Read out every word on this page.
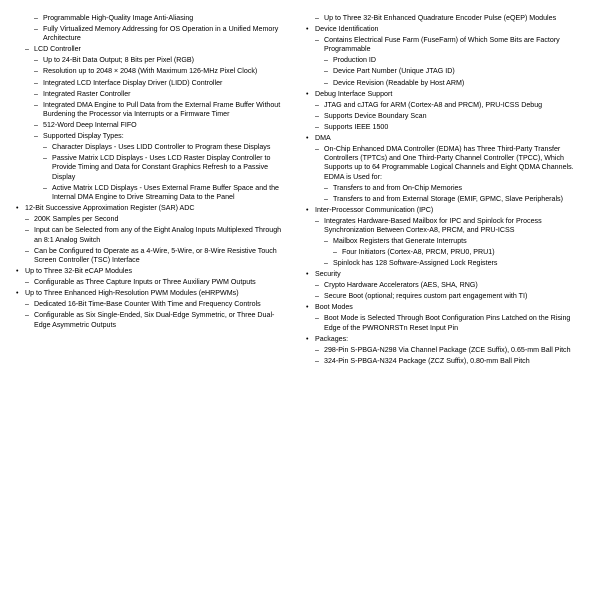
– Programmable High-Quality Image Anti-Aliasing
– Fully Virtualized Memory Addressing for OS Operation in a Unified Memory Architecture
– LCD Controller
– Up to 24-Bit Data Output; 8 Bits per Pixel (RGB)
– Resolution up to 2048 × 2048 (With Maximum 126-MHz Pixel Clock)
– Integrated LCD Interface Display Driver (LIDD) Controller
– Integrated Raster Controller
– Integrated DMA Engine to Pull Data from the External Frame Buffer Without Burdening the Processor via Interrupts or a Firmware Timer
– 512-Word Deep Internal FIFO
– Supported Display Types:
– Character Displays - Uses LIDD Controller to Program these Displays
– Passive Matrix LCD Displays - Uses LCD Raster Display Controller to Provide Timing and Data for Constant Graphics Refresh to a Passive Display
– Active Matrix LCD Displays - Uses External Frame Buffer Space and the Internal DMA Engine to Drive Streaming Data to the Panel
• 12-Bit Successive Approximation Register (SAR) ADC
– 200K Samples per Second
– Input can be Selected from any of the Eight Analog Inputs Multiplexed Through an 8:1 Analog Switch
– Can be Configured to Operate as a 4-Wire, 5-Wire, or 8-Wire Resistive Touch Screen Controller (TSC) Interface
• Up to Three 32-Bit eCAP Modules
– Configurable as Three Capture Inputs or Three Auxiliary PWM Outputs
• Up to Three Enhanced High-Resolution PWM Modules (eHRPWMs)
– Dedicated 16-Bit Time-Base Counter With Time and Frequency Controls
– Configurable as Six Single-Ended, Six Dual-Edge Symmetric, or Three Dual-Edge Asymmetric Outputs
– Up to Three 32-Bit Enhanced Quadrature Encoder Pulse (eQEP) Modules
• Device Identification
– Contains Electrical Fuse Farm (FuseFarm) of Which Some Bits are Factory Programmable
– Production ID
– Device Part Number (Unique JTAG ID)
– Device Revision (Readable by Host ARM)
• Debug Interface Support
– JTAG and cJTAG for ARM (Cortex-A8 and PRCM), PRU-ICSS Debug
– Supports Device Boundary Scan
– Supports IEEE 1500
• DMA
– On-Chip Enhanced DMA Controller (EDMA) has Three Third-Party Transfer Controllers (TPTCs) and One Third-Party Channel Controller (TPCC), Which Supports up to 64 Programmable Logical Channels and Eight QDMA Channels. EDMA is Used for:
– Transfers to and from On-Chip Memories
– Transfers to and from External Storage (EMIF, GPMC, Slave Peripherals)
• Inter-Processor Communication (IPC)
– Integrates Hardware-Based Mailbox for IPC and Spinlock for Process Synchronization Between Cortex-A8, PRCM, and PRU-ICSS
– Mailbox Registers that Generate Interrupts
– Four Initiators (Cortex-A8, PRCM, PRU0, PRU1)
– Spinlock has 128 Software-Assigned Lock Registers
• Security
– Crypto Hardware Accelerators (AES, SHA, RNG)
– Secure Boot (optional; requires custom part engagement with TI)
• Boot Modes
– Boot Mode is Selected Through Boot Configuration Pins Latched on the Rising Edge of the PWRONRSTn Reset Input Pin
• Packages:
– 298-Pin S-PBGA-N298 Via Channel Package (ZCE Suffix), 0.65-mm Ball Pitch
– 324-Pin S-PBGA-N324 Package (ZCZ Suffix), 0.80-mm Ball Pitch
